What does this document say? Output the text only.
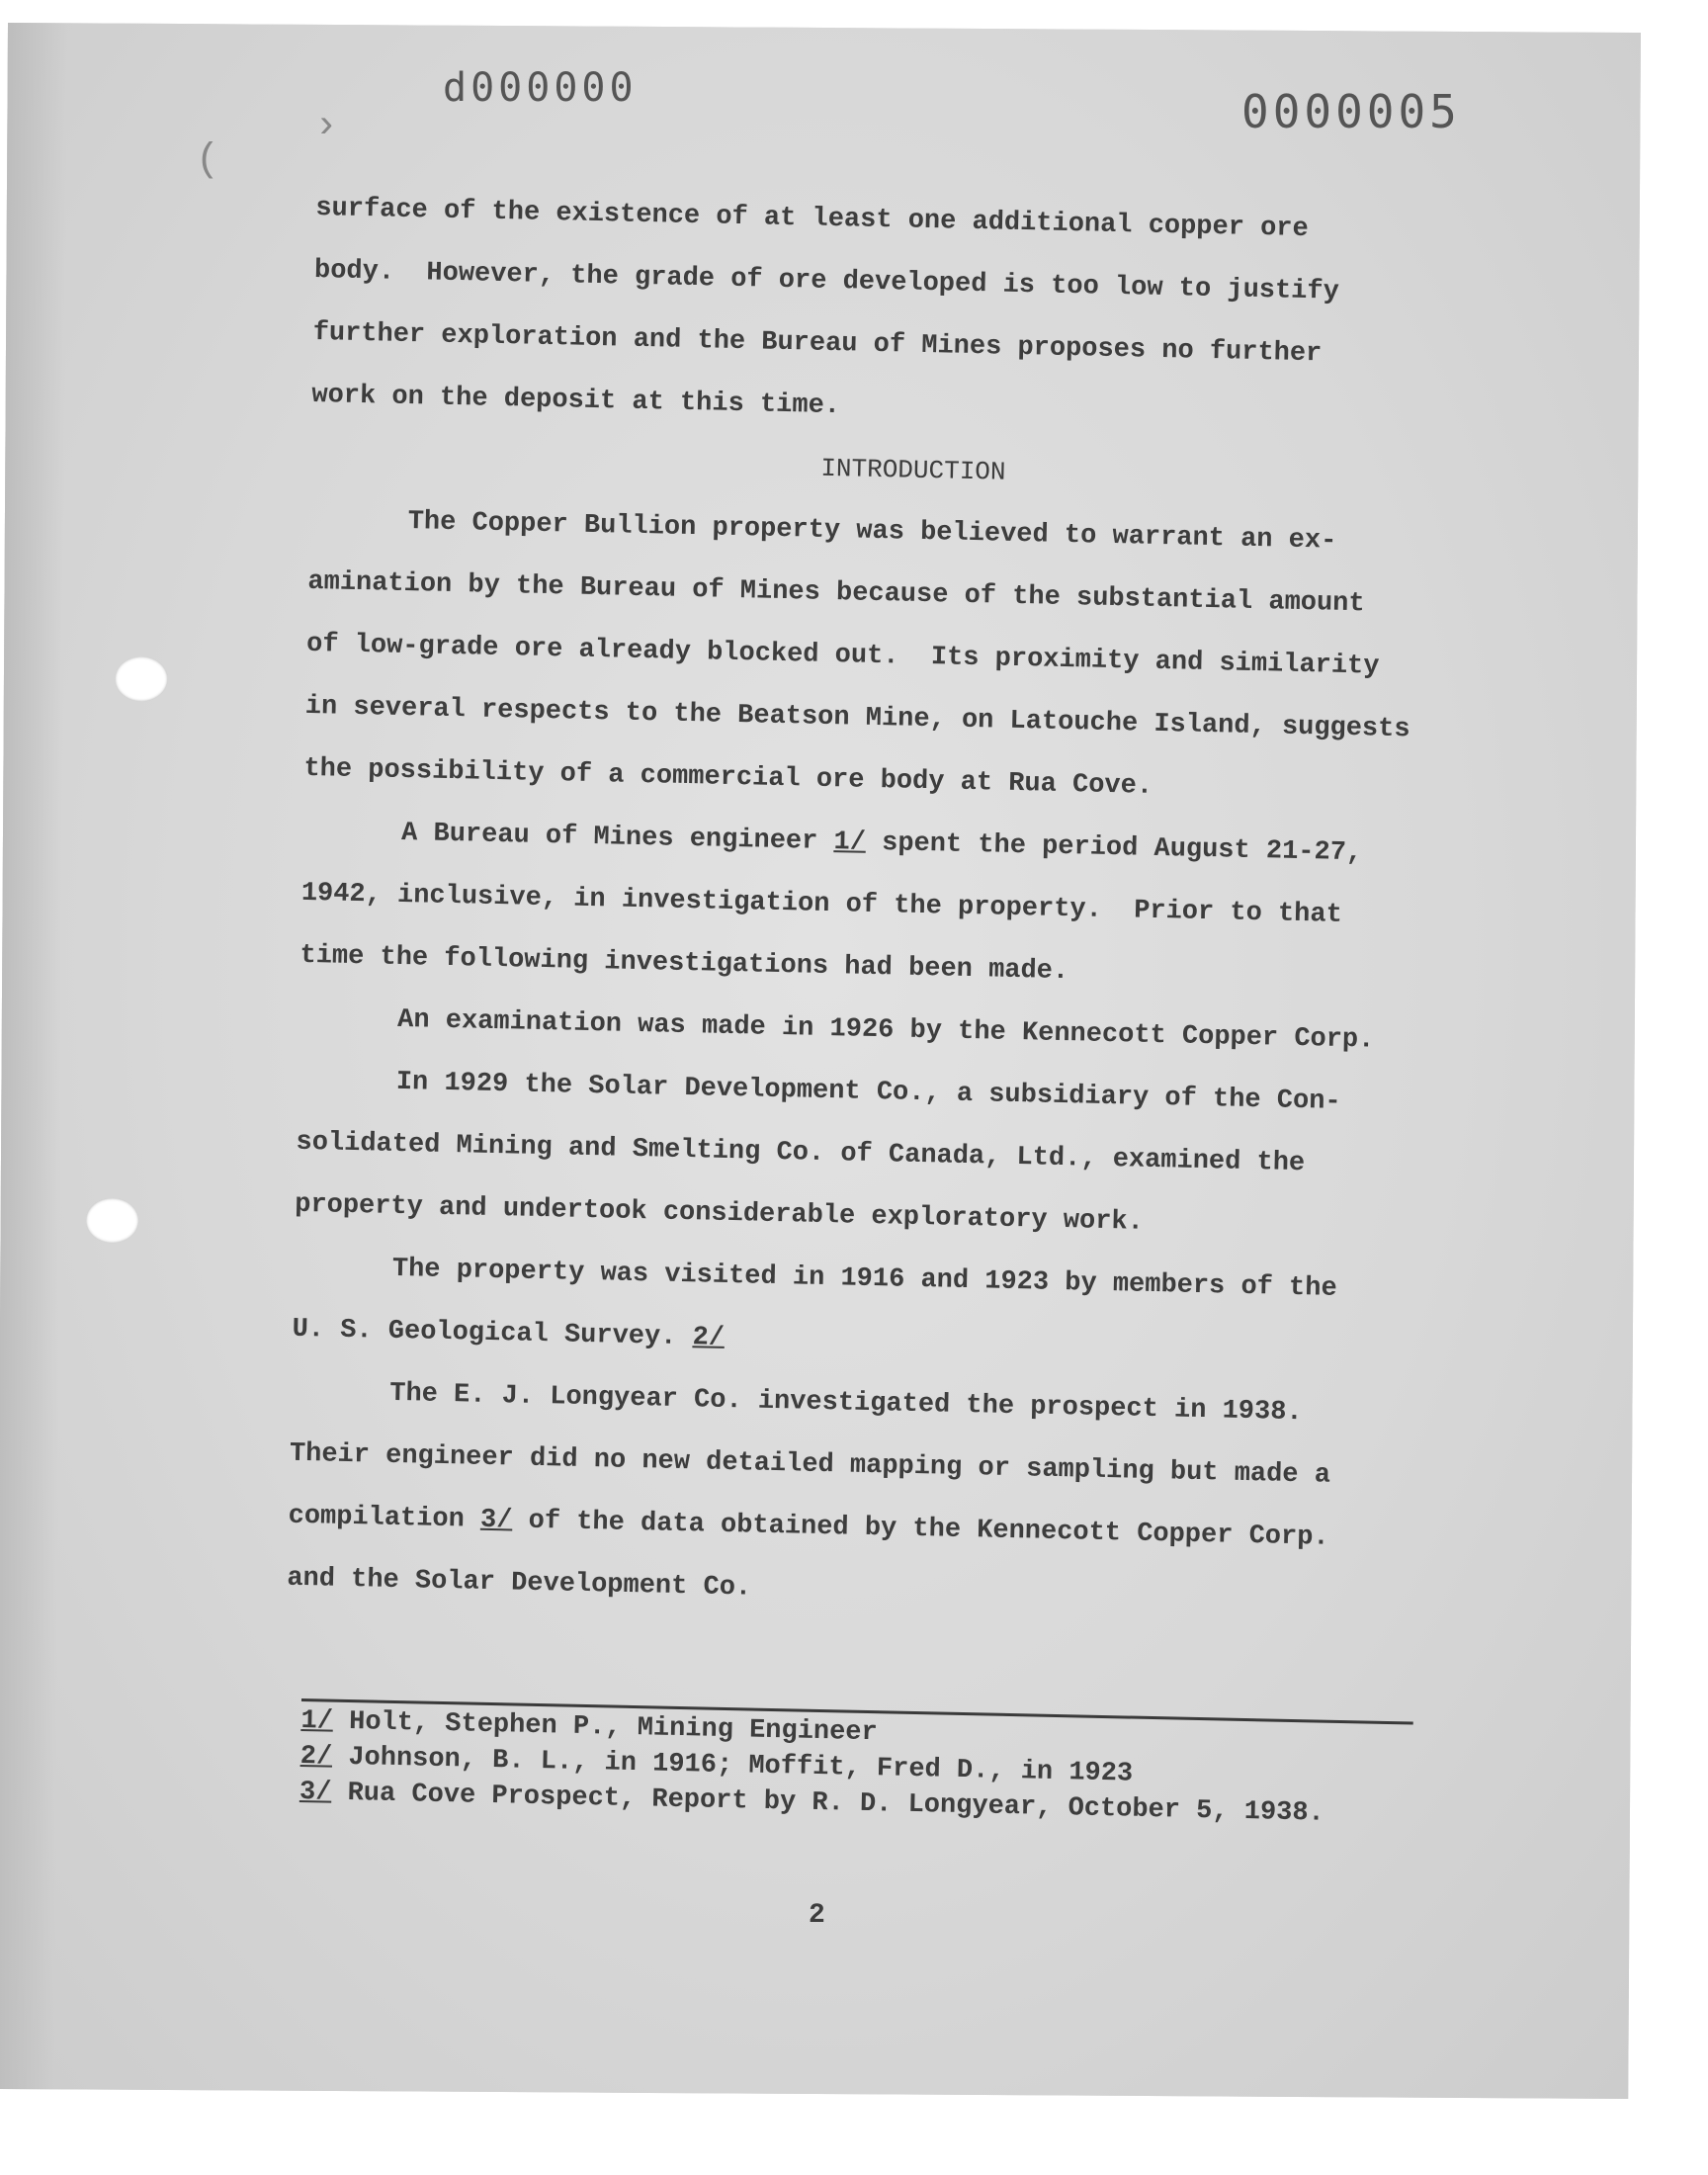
›
(
d000000	0000005
surface of the existence of at least one additional copper ore
body.  However, the grade of ore developed is too low to justify
further exploration and the Bureau of Mines proposes no further
work on the deposit at this time.
INTRODUCTION
The Copper Bullion property was believed to warrant an ex-
amination by the Bureau of Mines because of the substantial amount
of low-grade ore already blocked out.  Its proximity and similarity
in several respects to the Beatson Mine, on Latouche Island, suggests
the possibility of a commercial ore body at Rua Cove.
A Bureau of Mines engineer 1/ spent the period August 21-27,
1942, inclusive, in investigation of the property.  Prior to that
time the following investigations had been made.
An examination was made in 1926 by the Kennecott Copper Corp.
In 1929 the Solar Development Co., a subsidiary of the Con-
solidated Mining and Smelting Co. of Canada, Ltd., examined the
property and undertook considerable exploratory work.
The property was visited in 1916 and 1923 by members of the
U. S. Geological Survey. 2/
The E. J. Longyear Co. investigated the prospect in 1938.
Their engineer did no new detailed mapping or sampling but made a
compilation 3/ of the data obtained by the Kennecott Copper Corp.
and the Solar Development Co.
1/ Holt, Stephen P., Mining Engineer
2/ Johnson, B. L., in 1916; Moffit, Fred D., in 1923
3/ Rua Cove Prospect, Report by R. D. Longyear, October 5, 1938.
2
